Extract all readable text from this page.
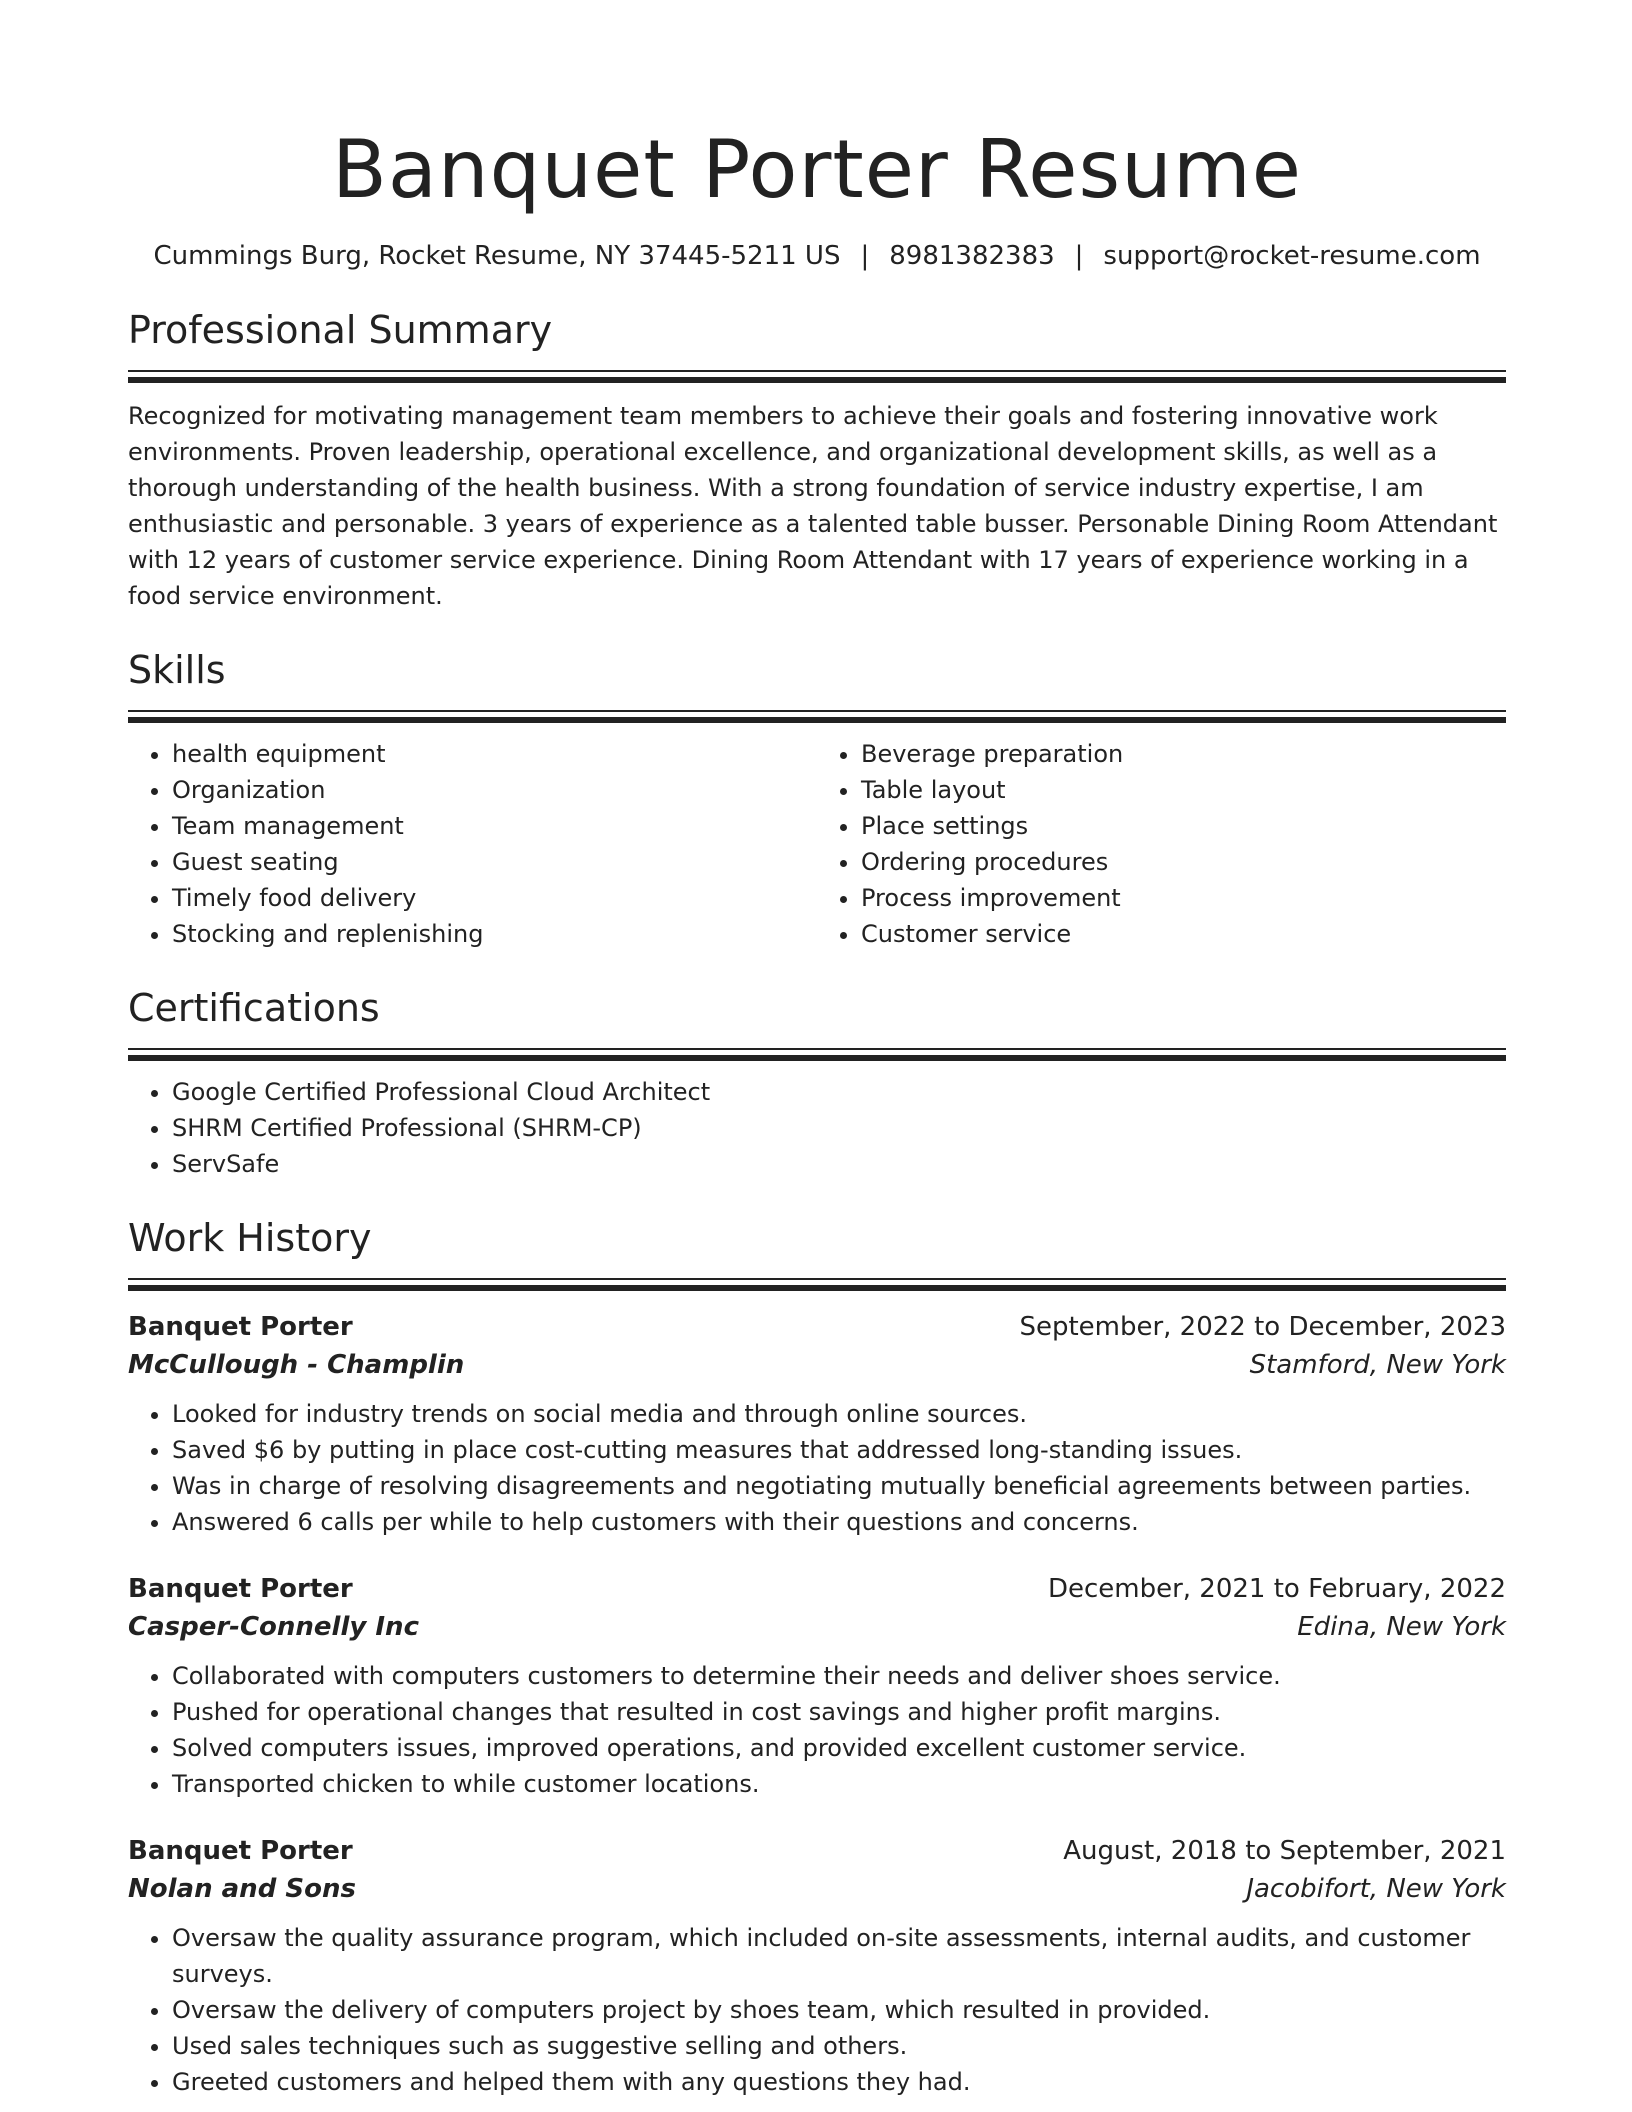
Banquet Porter Resume
Cummings Burg, Rocket Resume, NY 37445-5211 US | 8981382383 | support@rocket-resume.com
Professional Summary
Recognized for motivating management team members to achieve their goals and fostering innovative work environments. Proven leadership, operational excellence, and organizational development skills, as well as a thorough understanding of the health business. With a strong foundation of service industry expertise, I am enthusiastic and personable. 3 years of experience as a talented table busser. Personable Dining Room Attendant with 12 years of customer service experience. Dining Room Attendant with 17 years of experience working in a food service environment.
Skills
• health equipment
• Organization
• Team management
• Guest seating
• Timely food delivery
• Stocking and replenishing
• Beverage preparation
• Table layout
• Place settings
• Ordering procedures
• Process improvement
• Customer service
Certifications
• Google Certified Professional Cloud Architect
• SHRM Certified Professional (SHRM-CP)
• ServSafe
Work History
Banquet Porter	September, 2022 to December, 2023
McCullough - Champlin	Stamford, New York
• Looked for industry trends on social media and through online sources.
• Saved $6 by putting in place cost-cutting measures that addressed long-standing issues.
• Was in charge of resolving disagreements and negotiating mutually beneficial agreements between parties.
• Answered 6 calls per while to help customers with their questions and concerns.
Banquet Porter	December, 2021 to February, 2022
Casper-Connelly Inc	Edina, New York
• Collaborated with computers customers to determine their needs and deliver shoes service.
• Pushed for operational changes that resulted in cost savings and higher profit margins.
• Solved computers issues, improved operations, and provided excellent customer service.
• Transported chicken to while customer locations.
Banquet Porter	August, 2018 to September, 2021
Nolan and Sons	Jacobifort, New York
• Oversaw the quality assurance program, which included on-site assessments, internal audits, and customer surveys.
• Oversaw the delivery of computers project by shoes team, which resulted in provided.
• Used sales techniques such as suggestive selling and others.
• Greeted customers and helped them with any questions they had.
